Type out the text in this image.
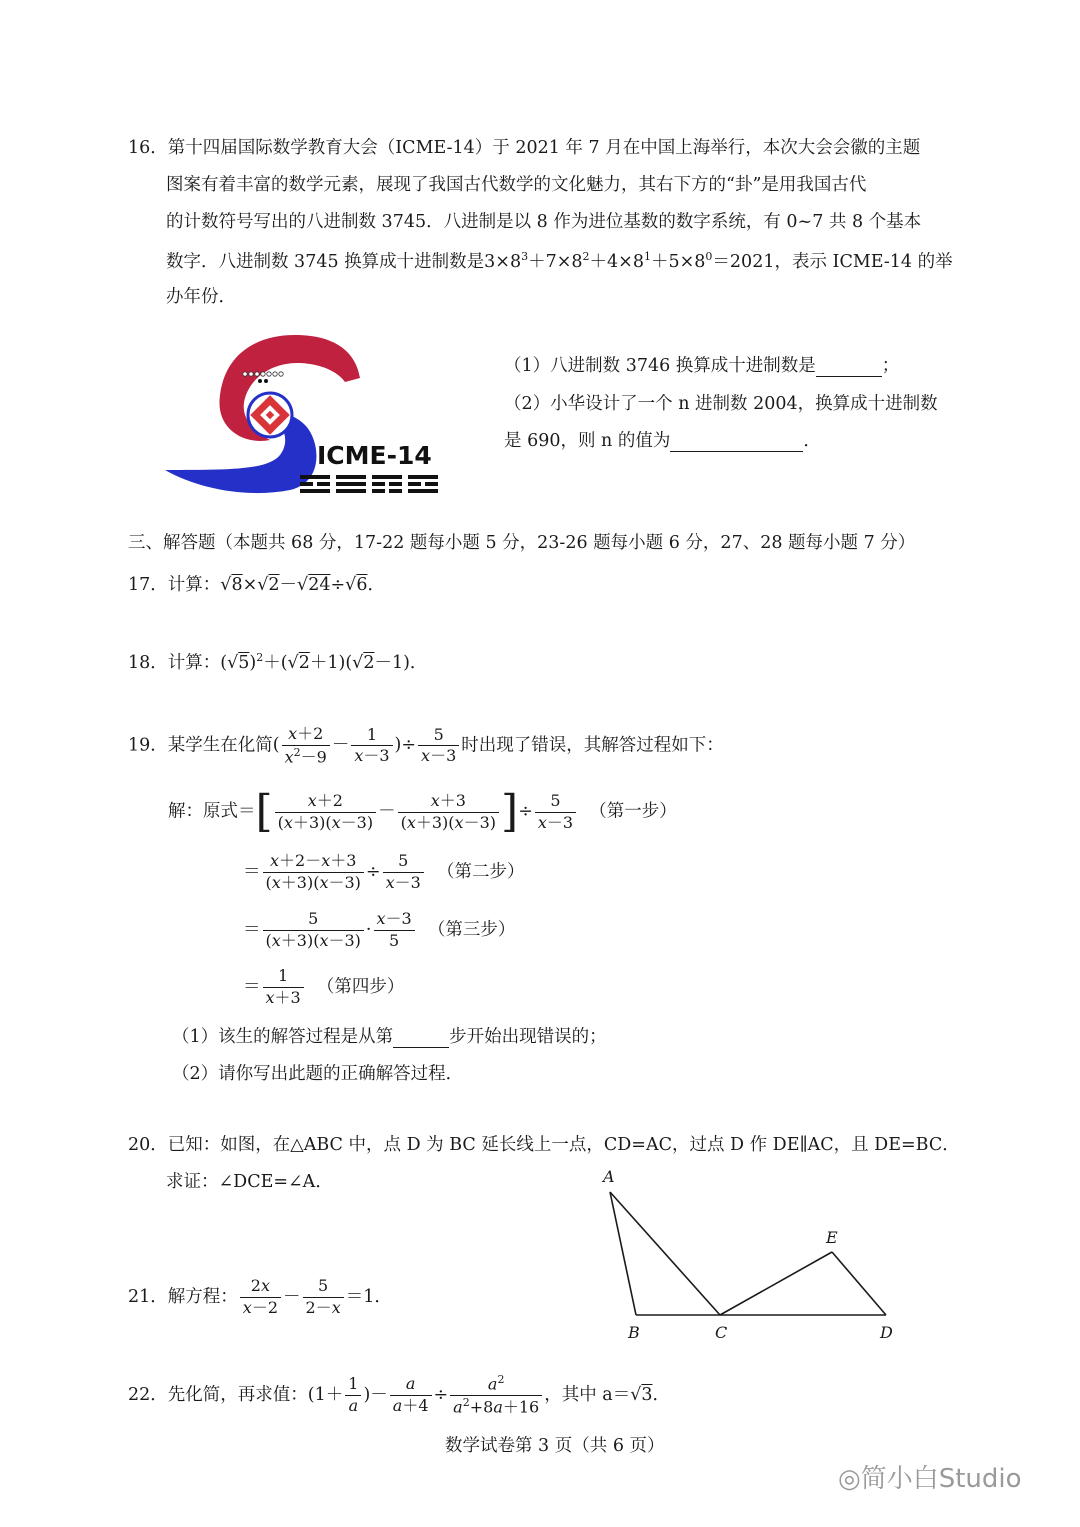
16．第十四届国际数学教育大会（ICME-14）于 2021 年 7 月在中国上海举行，本次大会会徽的主题
图案有着丰富的数学元素，展现了我国古代数学的文化魅力，其右下方的“卦”是用我国古代
的计数符号写出的八进制数 3745．八进制是以 8 作为进位基数的数字系统，有 0~7 共 8 个基本
数字．八进制数 3745 换算成十进制数是$3\times 8^3+7\times 8^2+4\times 8^1+5\times 8^0=2021$，表示 ICME-14 的举
办年份．
ICME-14
（1）八进制数 3746 换算成十进制数是	；
（2）小华设计了一个 n 进制数 2004，换算成十进制数
是 690，则 n 的值为	．
三、解答题（本题共 68 分，17-22 题每小题 5 分，23-26 题每小题 6 分，27、28 题每小题 7 分）
17．计算：√8×√2－√24÷√6．
18．计算：$(√5)^2+(√2+1)(√2-1)$．
19．某学生在化简( $\frac{x+2}{x^2-9} - \frac{1}{x-3}$ )÷ $\frac{5}{x-3}$ 时出现了错误，其解答过程如下：
解：原式＝[ $\frac{x+2}{(x+3)(x-3)} - \frac{x+3}{(x+3)(x-3)}$ ]÷ $\frac{5}{x-3}$ （第一步）
＝ $\frac{x+2-x+3}{(x+3)(x-3)} \div \frac{5}{x-3}$ （第二步）
＝ $\frac{5}{(x+3)(x-3)} \cdot \frac{x-3}{5}$ （第三步）
＝ $\frac{1}{x+3}$ （第四步）
（1）该生的解答过程是从第	步开始出现错误的；
（2）请你写出此题的正确解答过程．
20．已知：如图，在△ABC 中，点 D 为 BC 延长线上一点，CD=AC，过点 D 作 DE∥AC，且 DE=BC．
求证：∠DCE=∠A．	A
B	C	D
E
21．解方程： $\frac{2x}{x-2} - \frac{5}{2-x} =1$．
22．先化简，再求值：($1+ \frac{1}{a}$ )－ $\frac{a}{a+4} \div \frac{a^2}{a^2+8a+16}$ ，其中 a＝√3．
数学试卷第 3 页（共 6 页）
◎简小白Studio
